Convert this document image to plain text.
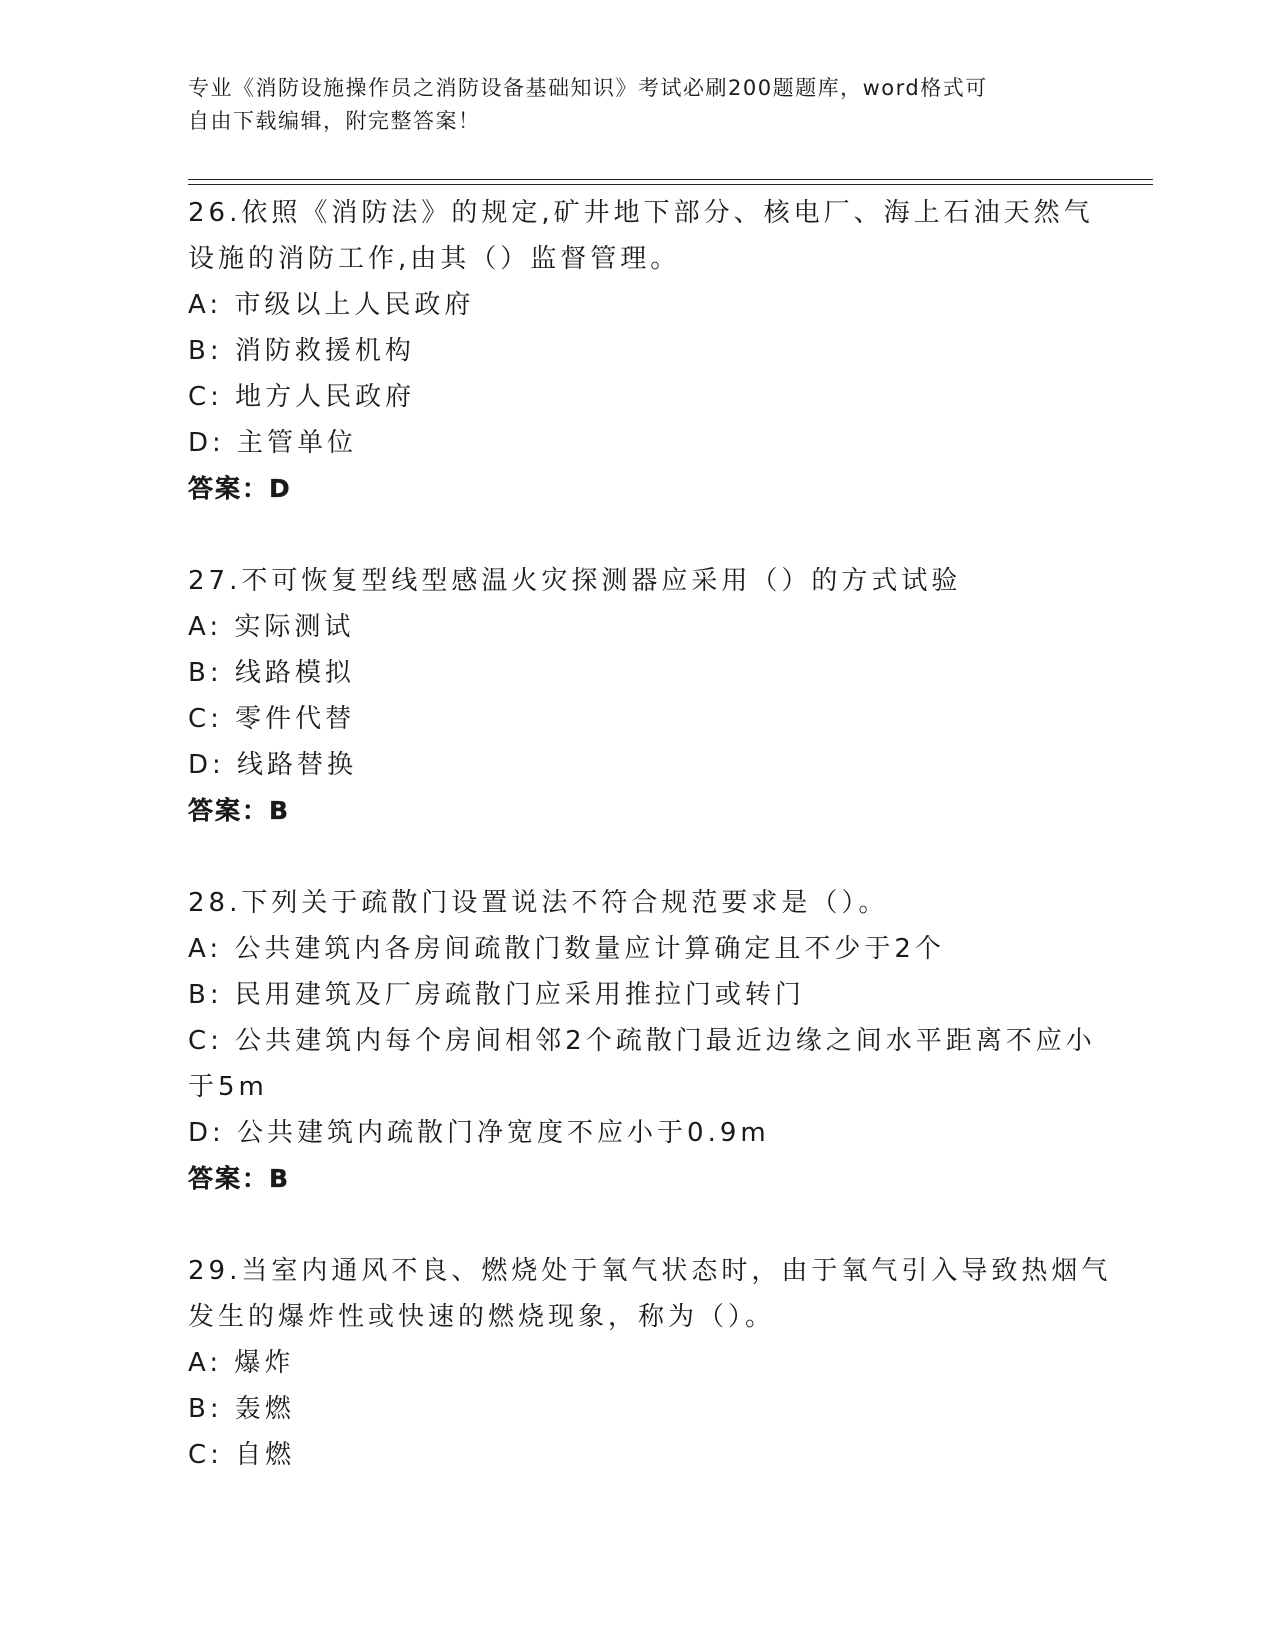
专业《消防设施操作员之消防设备基础知识》考试必刷200题题库，word格式可
自由下载编辑，附完整答案！
26.依照《消防法》的规定,矿井地下部分、核电厂、海上石油天然气
设施的消防工作,由其（）监督管理。
A: 市级以上人民政府
B: 消防救援机构
C: 地方人民政府
D: 主管单位
答案：D
27.不可恢复型线型感温火灾探测器应采用（）的方式试验
A: 实际测试
B: 线路模拟
C: 零件代替
D: 线路替换
答案：B
28.下列关于疏散门设置说法不符合规范要求是（）。
A: 公共建筑内各房间疏散门数量应计算确定且不少于2个
B: 民用建筑及厂房疏散门应采用推拉门或转门
C: 公共建筑内每个房间相邻2个疏散门最近边缘之间水平距离不应小
于5m
D: 公共建筑内疏散门净宽度不应小于0.9m
答案：B
29.当室内通风不良、燃烧处于氧气状态时，由于氧气引入导致热烟气
发生的爆炸性或快速的燃烧现象，称为（）。
A: 爆炸
B: 轰燃
C: 自燃
